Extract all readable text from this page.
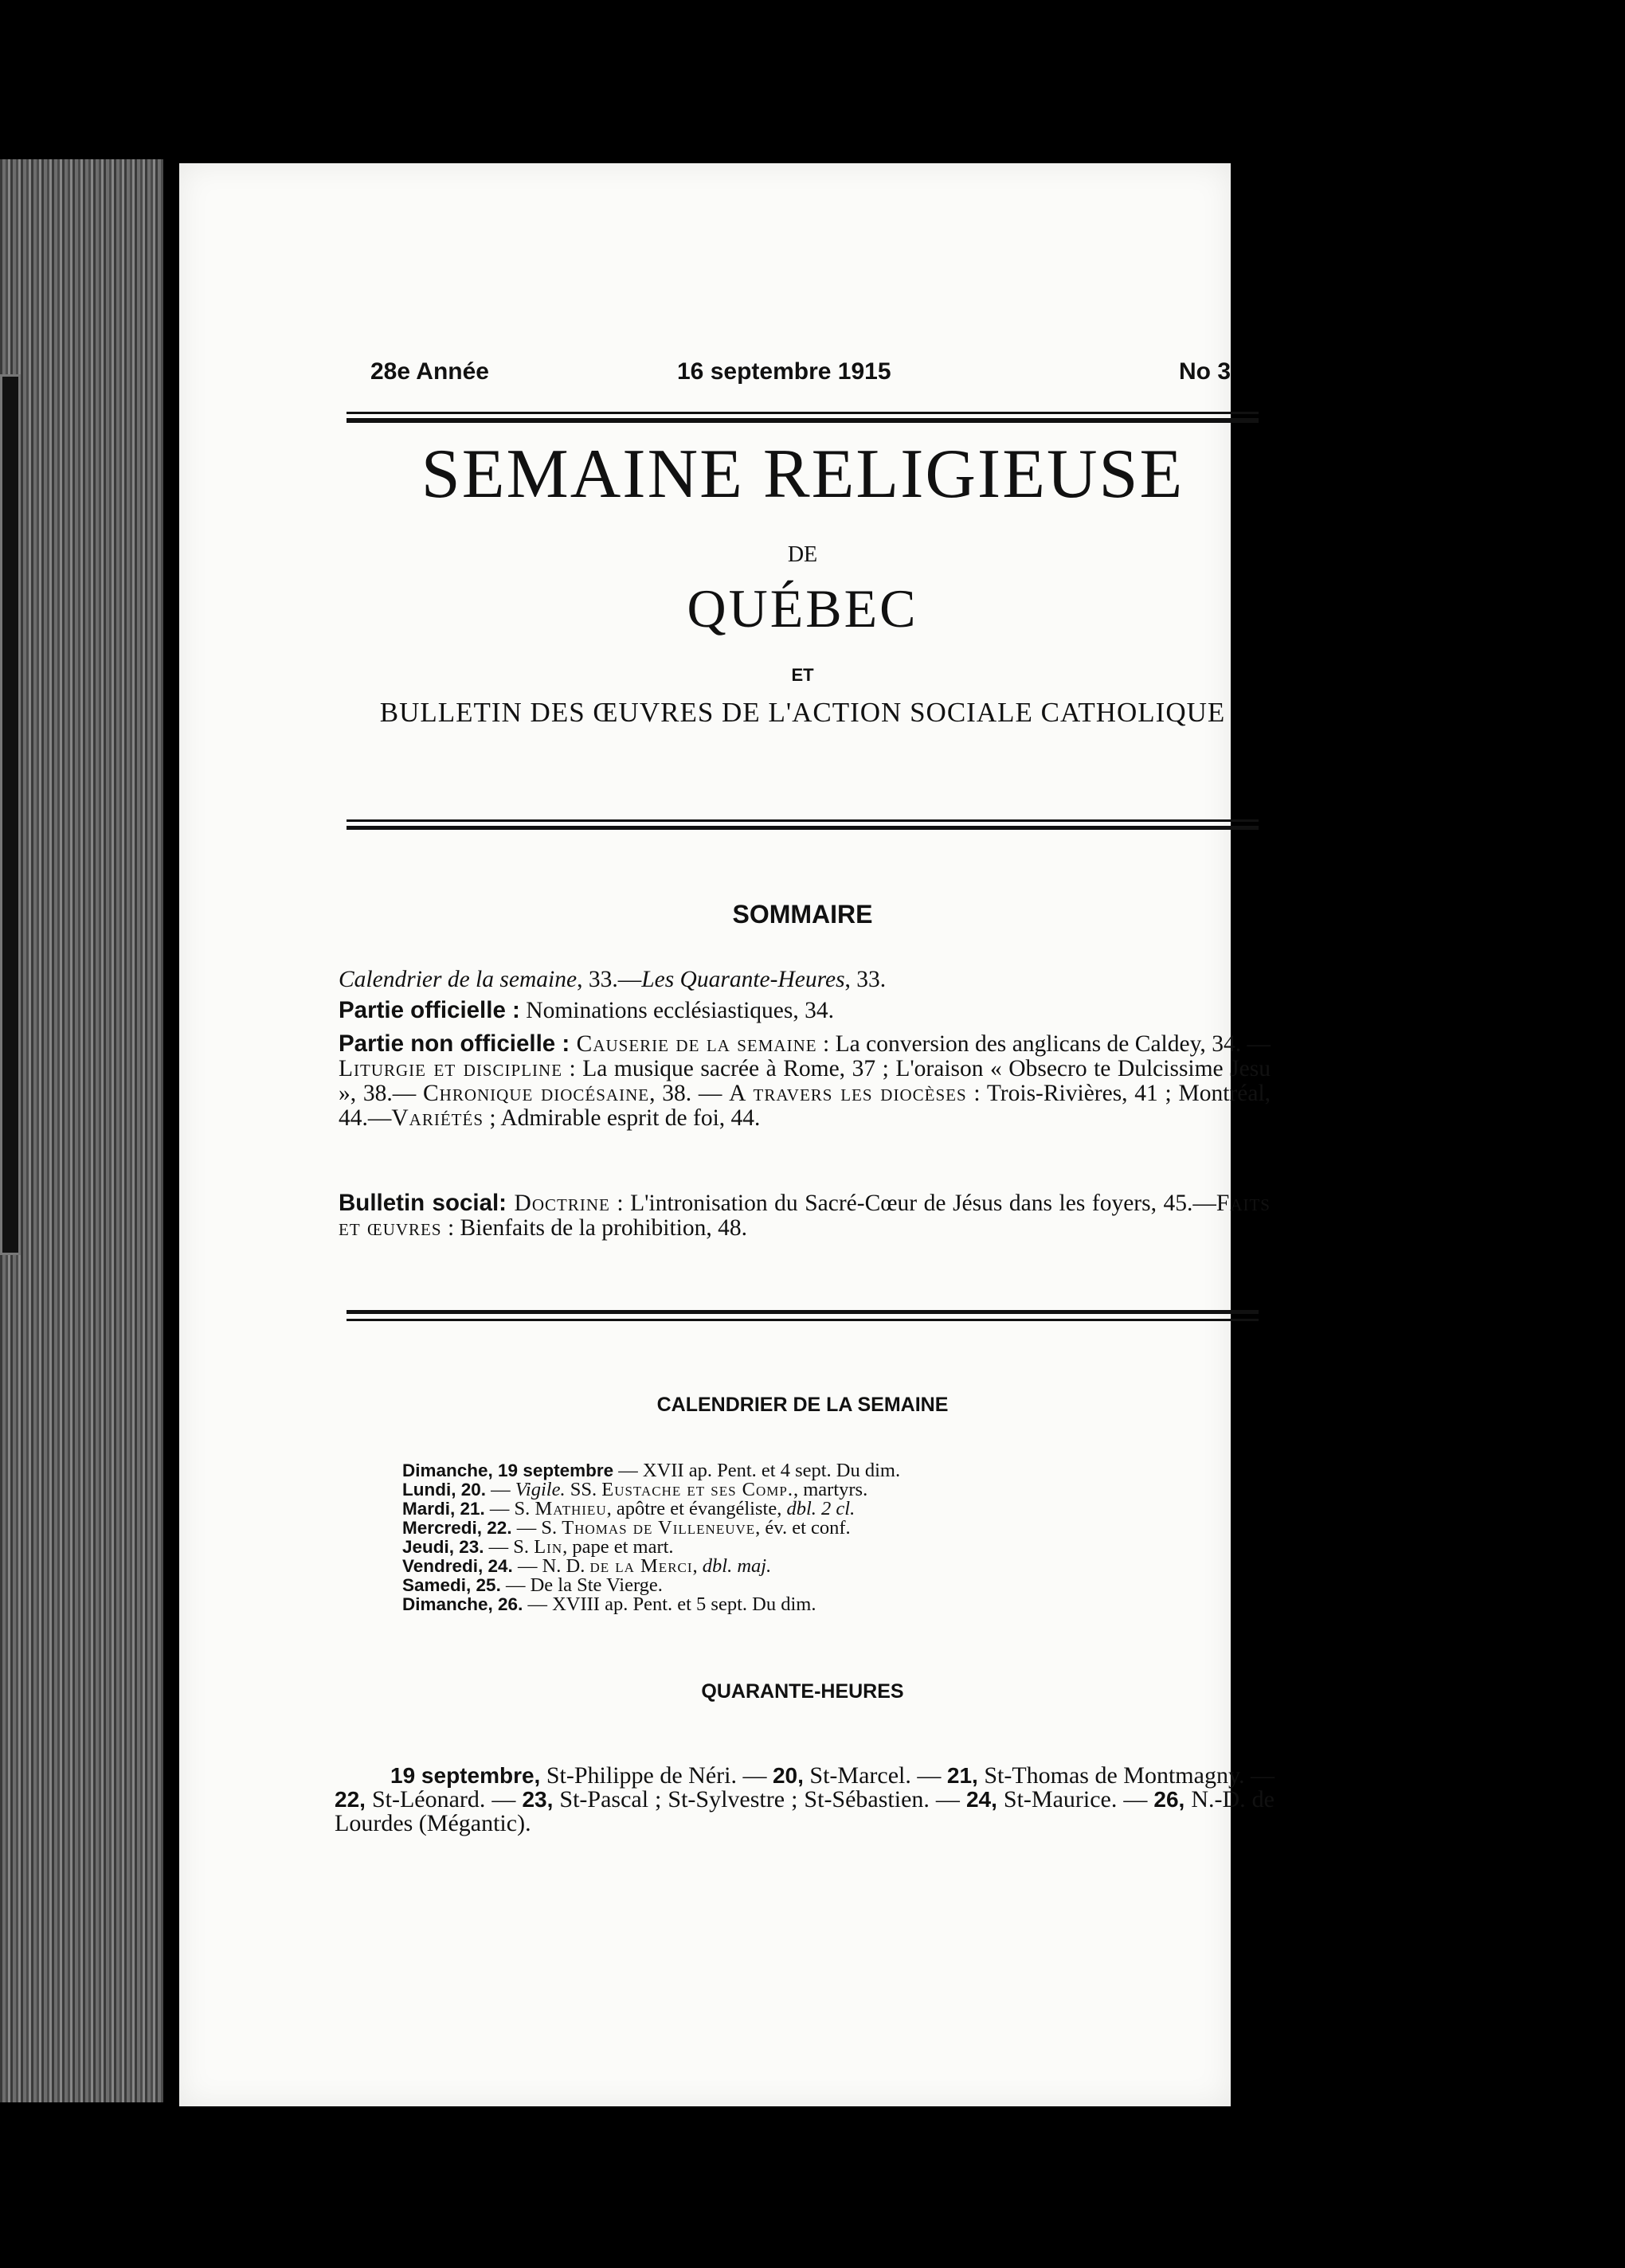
28e Année	16 septembre 1915	No 3
SEMAINE RELIGIEUSE
DE
QUÉBEC
ET
BULLETIN DES ŒUVRES DE L'ACTION SOCIALE CATHOLIQUE
SOMMAIRE
Calendrier de la semaine, 33.—Les Quarante-Heures, 33.
Partie officielle : Nominations ecclésiastiques, 34.
Partie non officielle : Causerie de la semaine : La conversion des anglicans de Caldey, 34. — Liturgie et discipline : La musique sacrée à Rome, 37 ; L'oraison « Obsecro te Dulcissime Jesu », 38.— Chronique diocésaine, 38. — A travers les diocèses : Trois-Rivières, 41 ; Montréal, 44.—Variétés ; Admirable esprit de foi, 44.
Bulletin social: Doctrine : L'intronisation du Sacré-Cœur de Jésus dans les foyers, 45.—Faits et œuvres : Bienfaits de la prohibition, 48.
CALENDRIER DE LA SEMAINE
Dimanche, 19 septembre — XVII ap. Pent. et 4 sept. Du dim.
Lundi, 20. — Vigile. SS. Eustache et ses Comp., martyrs.
Mardi, 21. — S. Mathieu, apôtre et évangéliste, dbl. 2 cl.
Mercredi, 22. — S. Thomas de Villeneuve, év. et conf.
Jeudi, 23. — S. Lin, pape et mart.
Vendredi, 24. — N. D. de la Merci, dbl. maj.
Samedi, 25. — De la Ste Vierge.
Dimanche, 26. — XVIII ap. Pent. et 5 sept. Du dim.
QUARANTE-HEURES
19 septembre, St-Philippe de Néri. — 20, St-Marcel. — 21, St-Thomas de Montmagny. — 22, St-Léonard. — 23, St-Pascal ; St-Sylvestre ; St-Sébastien. — 24, St-Maurice. — 26, N.-D. de Lourdes (Mégantic).
